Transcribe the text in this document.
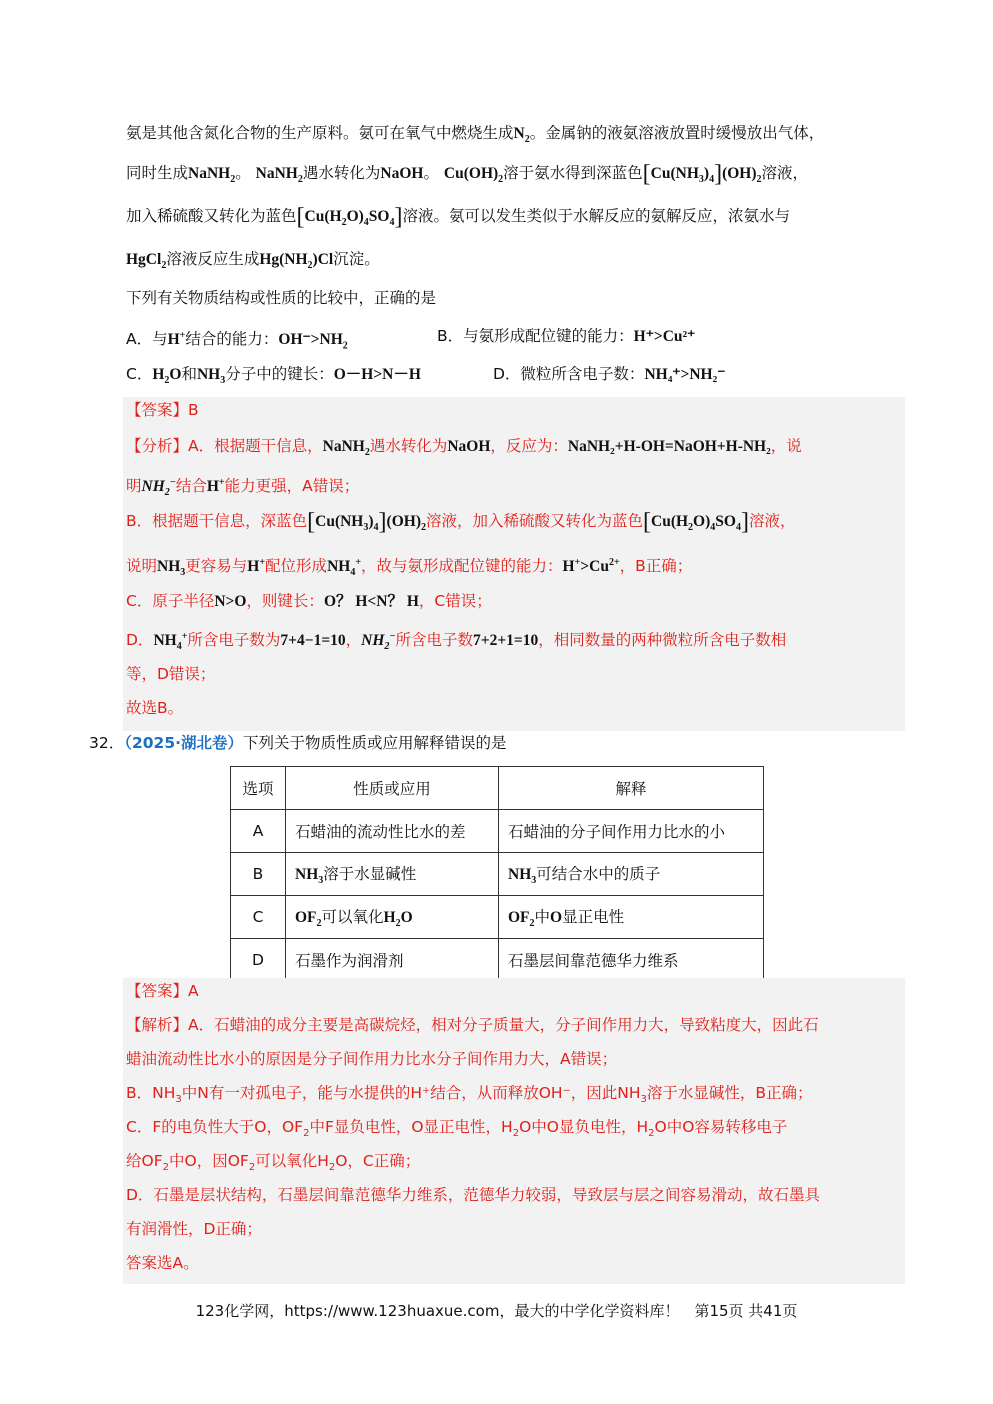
氨是其他含氮化合物的生产原料。氨可在氧气中燃烧生成$N_2$。金属钠的液氨溶液放置时缓慢放出气体，
同时生成NaNH$_2$。 NaNH$_2$遇水转化为NaOH。 $Cu(OH)_2$溶于氨水得到深蓝色$[Cu(NH_3)_4](OH)_2$溶液，
加入稀硫酸又转化为蓝色$[Cu(H_2O)_4SO_4]$溶液。氨可以发生类似于水解反应的氨解反应，浓氨水与
HgCl$_2$溶液反应生成$Hg(NH_2)Cl$沉淀。
下列有关物质结构或性质的比较中，正确的是
A．与H+结合的能力：$OH^->NH_2$
B．与氨形成配位键的能力：H⁺>Cu²⁺
C．$H_2O$和$NH_3$分子中的键长：O－H>N－H	D．微粒所含电子数：NH₄⁺>NH₂⁻
【答案】B
【分析】A．根据题干信息，NaNH$_2$遇水转化为NaOH，反应为：NaNH₂+H-OH=NaOH+H-NH₂，说
明$NH_2^-$结合H+能力更强，A错误；
B．根据题干信息，深蓝色$[Cu(NH_3)_4](OH)_2$溶液，加入稀硫酸又转化为蓝色$[Cu(H_2O)_4SO_4]$溶液，
说明$NH_3$更容易与H+配位形成$NH_4^+$，故与氨形成配位键的能力：$H^+>Cu^{2+}$，B正确；
C．原子半径N>O，则键长：O？ H<N？ H，C错误；
D．$NH_4^+$所含电子数为7+4−1=10，$NH_2^-$所含电子数7+2+1=10，相同数量的两种微粒所含电子数相
等，D错误；
故选B。
32．（2025·湖北卷）下列关于物质性质或应用解释错误的是
选项	性质或应用	解释
A	石蜡油的流动性比水的差	石蜡油的分子间作用力比水的小
B	$NH_3$溶于水显碱性	$NH_3$可结合水中的质子
C	$OF_2$可以氧化$H_2O$	$OF_2$中O显正电性
D	石墨作为润滑剂	石墨层间靠范德华力维系
【答案】A
【解析】A．石蜡油的成分主要是高碳烷烃，相对分子质量大，分子间作用力大，导致粘度大，因此石
蜡油流动性比水小的原因是分子间作用力比水分子间作用力大，A错误；
B．$NH_3$中N有一对孤电子，能与水提供的H⁺结合，从而释放OH⁻，因此$NH_3$溶于水显碱性，B正确；
C．F的电负性大于O，$OF_2$中F显负电性，O显正电性，$H_2O$中O显负电性，$H_2O$中O容易转移电子
给$OF_2$中O，因$OF_2$可以氧化$H_2O$，C正确；
D．石墨是层状结构，石墨层间靠范德华力维系，范德华力较弱，导致层与层之间容易滑动，故石墨具
有润滑性，D正确；
答案选A。
123化学网，https://www.123huaxue.com，最大的中学化学资料库！　第15页 共41页
